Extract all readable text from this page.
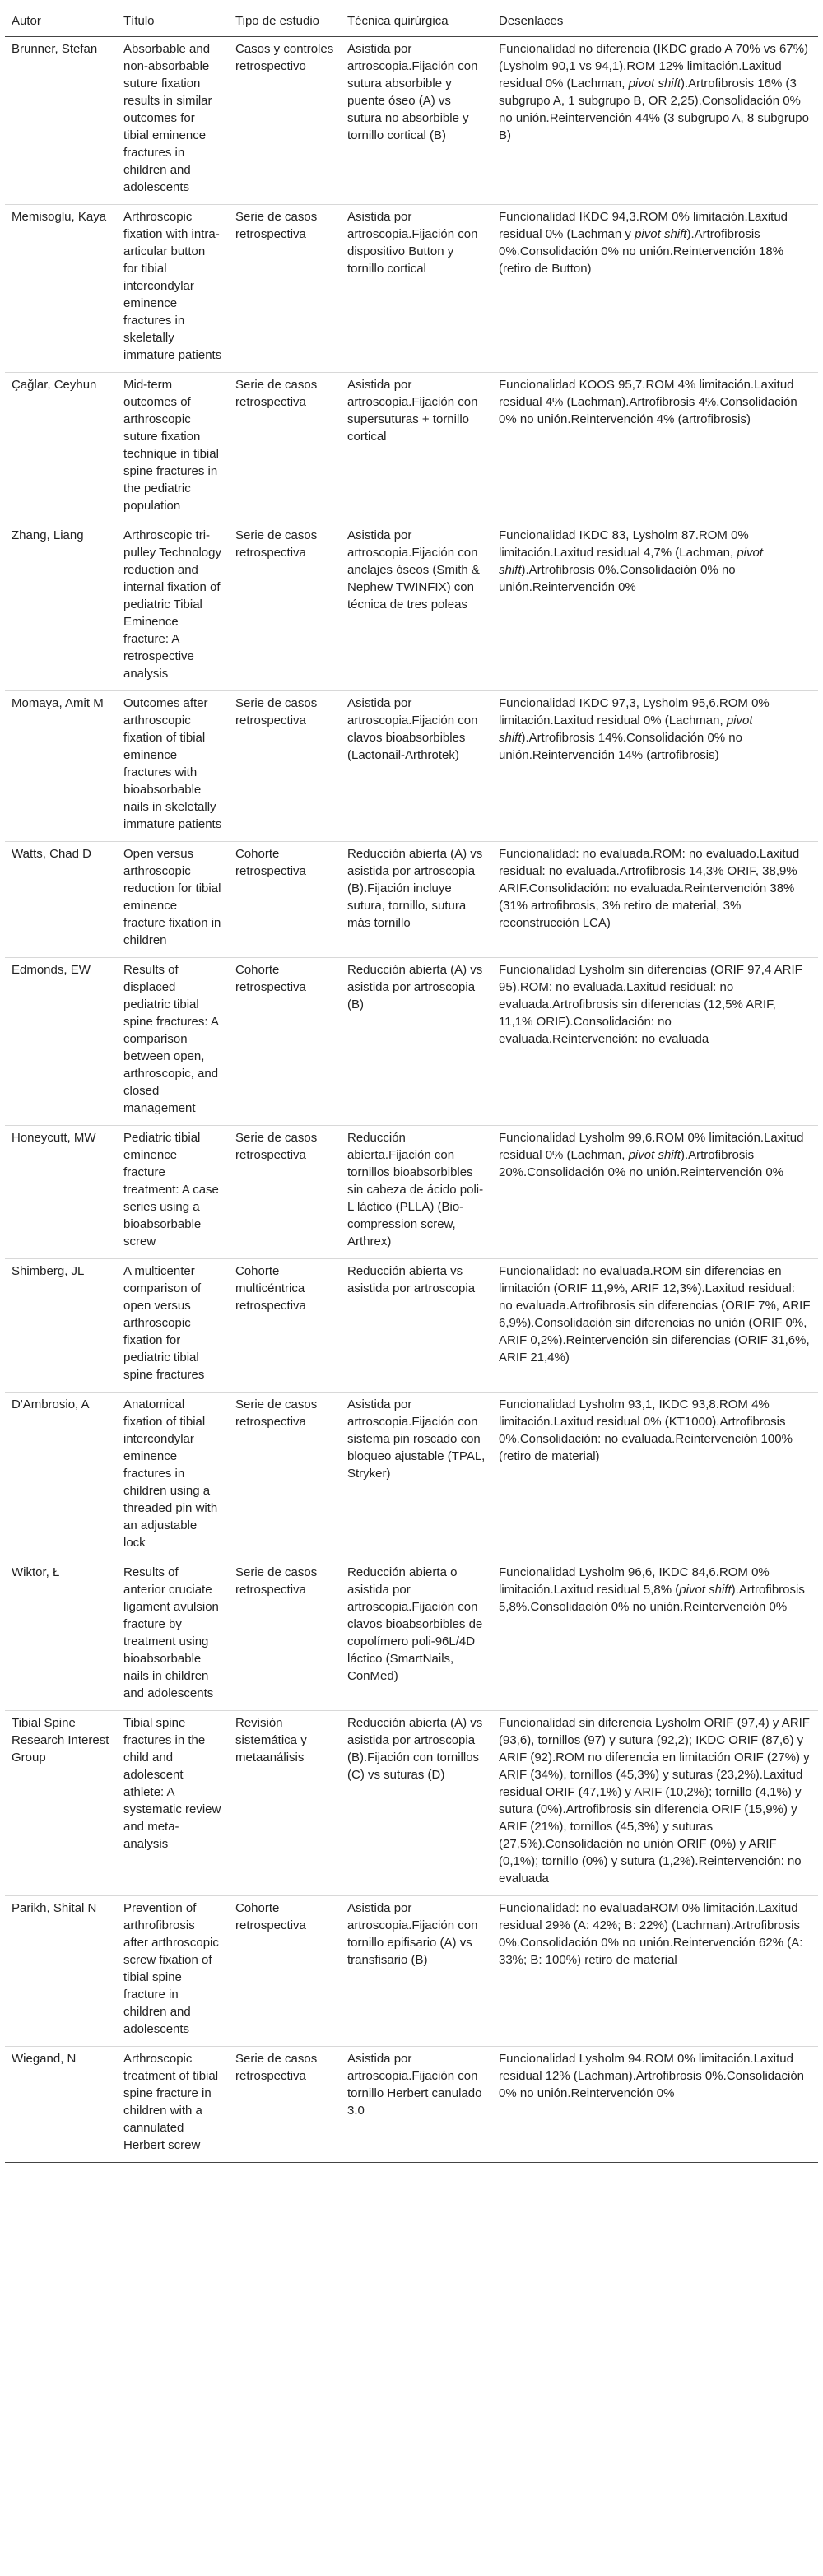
Autor	Título	Tipo de estudio	Técnica quirúrgica	Desenlaces
Brunner, Stefan	Absorbable and non-absorbable suture fixation results in similar outcomes for tibial eminence fractures in children and adolescents	Casos y controles retrospectivo	Asistida por artroscopia.Fijación con sutura absorbible y puente óseo (A) vs sutura no absorbible y tornillo cortical (B)	Funcionalidad no diferencia (IKDC grado A 70% vs 67%) (Lysholm 90,1 vs 94,1).ROM 12% limitación.Laxitud residual 0% (Lachman, pivot shift).Artrofibrosis 16% (3 subgrupo A, 1 subgrupo B, OR 2,25).Consolidación 0% no unión.Reintervención 44% (3 subgrupo A, 8 subgrupo B)
Memisoglu, Kaya	Arthroscopic fixation with intra-articular button for tibial intercondylar eminence fractures in skeletally immature patients	Serie de casos retrospectiva	Asistida por artroscopia.Fijación con dispositivo Button y tornillo cortical	Funcionalidad IKDC 94,3.ROM 0% limitación.Laxitud residual 0% (Lachman y pivot shift).Artrofibrosis 0%.Consolidación 0% no unión.Reintervención 18% (retiro de Button)
Çağlar, Ceyhun	Mid-term outcomes of arthroscopic suture fixation technique in tibial spine fractures in the pediatric population	Serie de casos retrospectiva	Asistida por artroscopia.Fijación con supersuturas + tornillo cortical	Funcionalidad KOOS 95,7.ROM 4% limitación.Laxitud residual 4% (Lachman).Artrofibrosis 4%.Consolidación 0% no unión.Reintervención 4% (artrofibrosis)
Zhang, Liang	Arthroscopic tri-pulley Technology reduction and internal fixation of pediatric Tibial Eminence fracture: A retrospective analysis	Serie de casos retrospectiva	Asistida por artroscopia.Fijación con anclajes óseos (Smith & Nephew TWINFIX) con técnica de tres poleas	Funcionalidad IKDC 83, Lysholm 87.ROM 0% limitación.Laxitud residual 4,7% (Lachman, pivot shift).Artrofibrosis 0%.Consolidación 0% no unión.Reintervención 0%
Momaya, Amit M	Outcomes after arthroscopic fixation of tibial eminence fractures with bioabsorbable nails in skeletally immature patients	Serie de casos retrospectiva	Asistida por artroscopia.Fijación con clavos bioabsorbibles (Lactonail-Arthrotek)	Funcionalidad IKDC 97,3, Lysholm 95,6.ROM 0% limitación.Laxitud residual 0% (Lachman, pivot shift).Artrofibrosis 14%.Consolidación 0% no unión.Reintervención 14% (artrofibrosis)
Watts, Chad D	Open versus arthroscopic reduction for tibial eminence fracture fixation in children	Cohorte retrospectiva	Reducción abierta (A) vs asistida por artroscopia (B).Fijación incluye sutura, tornillo, sutura más tornillo	Funcionalidad: no evaluada.ROM: no evaluado.Laxitud residual: no evaluada.Artrofibrosis 14,3% ORIF, 38,9% ARIF.Consolidación: no evaluada.Reintervención 38% (31% artrofibrosis, 3% retiro de material, 3% reconstrucción LCA)
Edmonds, EW	Results of displaced pediatric tibial spine fractures: A comparison between open, arthroscopic, and closed management	Cohorte retrospectiva	Reducción abierta (A) vs asistida por artroscopia (B)	Funcionalidad Lysholm sin diferencias (ORIF 97,4 ARIF 95).ROM: no evaluada.Laxitud residual: no evaluada.Artrofibrosis sin diferencias (12,5% ARIF, 11,1% ORIF).Consolidación: no evaluada.Reintervención: no evaluada
Honeycutt, MW	Pediatric tibial eminence fracture treatment: A case series using a bioabsorbable screw	Serie de casos retrospectiva	Reducción abierta.Fijación con tornillos bioabsorbibles sin cabeza de ácido poli-L láctico (PLLA) (Bio-compression screw, Arthrex)	Funcionalidad Lysholm 99,6.ROM 0% limitación.Laxitud residual 0% (Lachman, pivot shift).Artrofibrosis 20%.Consolidación 0% no unión.Reintervención 0%
Shimberg, JL	A multicenter comparison of open versus arthroscopic fixation for pediatric tibial spine fractures	Cohorte multicéntrica retrospectiva	Reducción abierta vs asistida por artroscopia	Funcionalidad: no evaluada.ROM sin diferencias en limitación (ORIF 11,9%, ARIF 12,3%).Laxitud residual: no evaluada.Artrofibrosis sin diferencias (ORIF 7%, ARIF 6,9%).Consolidación sin diferencias no unión (ORIF 0%, ARIF 0,2%).Reintervención sin diferencias (ORIF 31,6%, ARIF 21,4%)
D'Ambrosio, A	Anatomical fixation of tibial intercondylar eminence fractures in children using a threaded pin with an adjustable lock	Serie de casos retrospectiva	Asistida por artroscopia.Fijación con sistema pin roscado con bloqueo ajustable (TPAL, Stryker)	Funcionalidad Lysholm 93,1, IKDC 93,8.ROM 4% limitación.Laxitud residual 0% (KT1000).Artrofibrosis 0%.Consolidación: no evaluada.Reintervención 100% (retiro de material)
Wiktor, Ł	Results of anterior cruciate ligament avulsion fracture by treatment using bioabsorbable nails in children and adolescents	Serie de casos retrospectiva	Reducción abierta o asistida por artroscopia.Fijación con clavos bioabsorbibles de copolímero poli-96L/4D láctico (SmartNails, ConMed)	Funcionalidad Lysholm 96,6, IKDC 84,6.ROM 0% limitación.Laxitud residual 5,8% (pivot shift).Artrofibrosis 5,8%.Consolidación 0% no unión.Reintervención 0%
Tibial Spine Research Interest Group	Tibial spine fractures in the child and adolescent athlete: A systematic review and meta-analysis	Revisión sistemática y metaanálisis	Reducción abierta (A) vs asistida por artroscopia (B).Fijación con tornillos (C) vs suturas (D)	Funcionalidad sin diferencia Lysholm ORIF (97,4) y ARIF (93,6), tornillos (97) y sutura (92,2); IKDC ORIF (87,6) y ARIF (92).ROM no diferencia en limitación ORIF (27%) y ARIF (34%), tornillos (45,3%) y suturas (23,2%).Laxitud residual ORIF (47,1%) y ARIF (10,2%); tornillo (4,1%) y sutura (0%).Artrofibrosis sin diferencia ORIF (15,9%) y ARIF (21%), tornillos (45,3%) y suturas (27,5%).Consolidación no unión ORIF (0%) y ARIF (0,1%); tornillo (0%) y sutura (1,2%).Reintervención: no evaluada
Parikh, Shital N	Prevention of arthrofibrosis after arthroscopic screw fixation of tibial spine fracture in children and adolescents	Cohorte retrospectiva	Asistida por artroscopia.Fijación con tornillo epifisario (A) vs transfisario (B)	Funcionalidad: no evaluadaROM 0% limitación.Laxitud residual 29% (A: 42%; B: 22%) (Lachman).Artrofibrosis 0%.Consolidación 0% no unión.Reintervención 62% (A: 33%; B: 100%) retiro de material
Wiegand, N	Arthroscopic treatment of tibial spine fracture in children with a cannulated Herbert screw	Serie de casos retrospectiva	Asistida por artroscopia.Fijación con tornillo Herbert canulado 3.0	Funcionalidad Lysholm 94.ROM 0% limitación.Laxitud residual 12% (Lachman).Artrofibrosis 0%.Consolidación 0% no unión.Reintervención 0%
